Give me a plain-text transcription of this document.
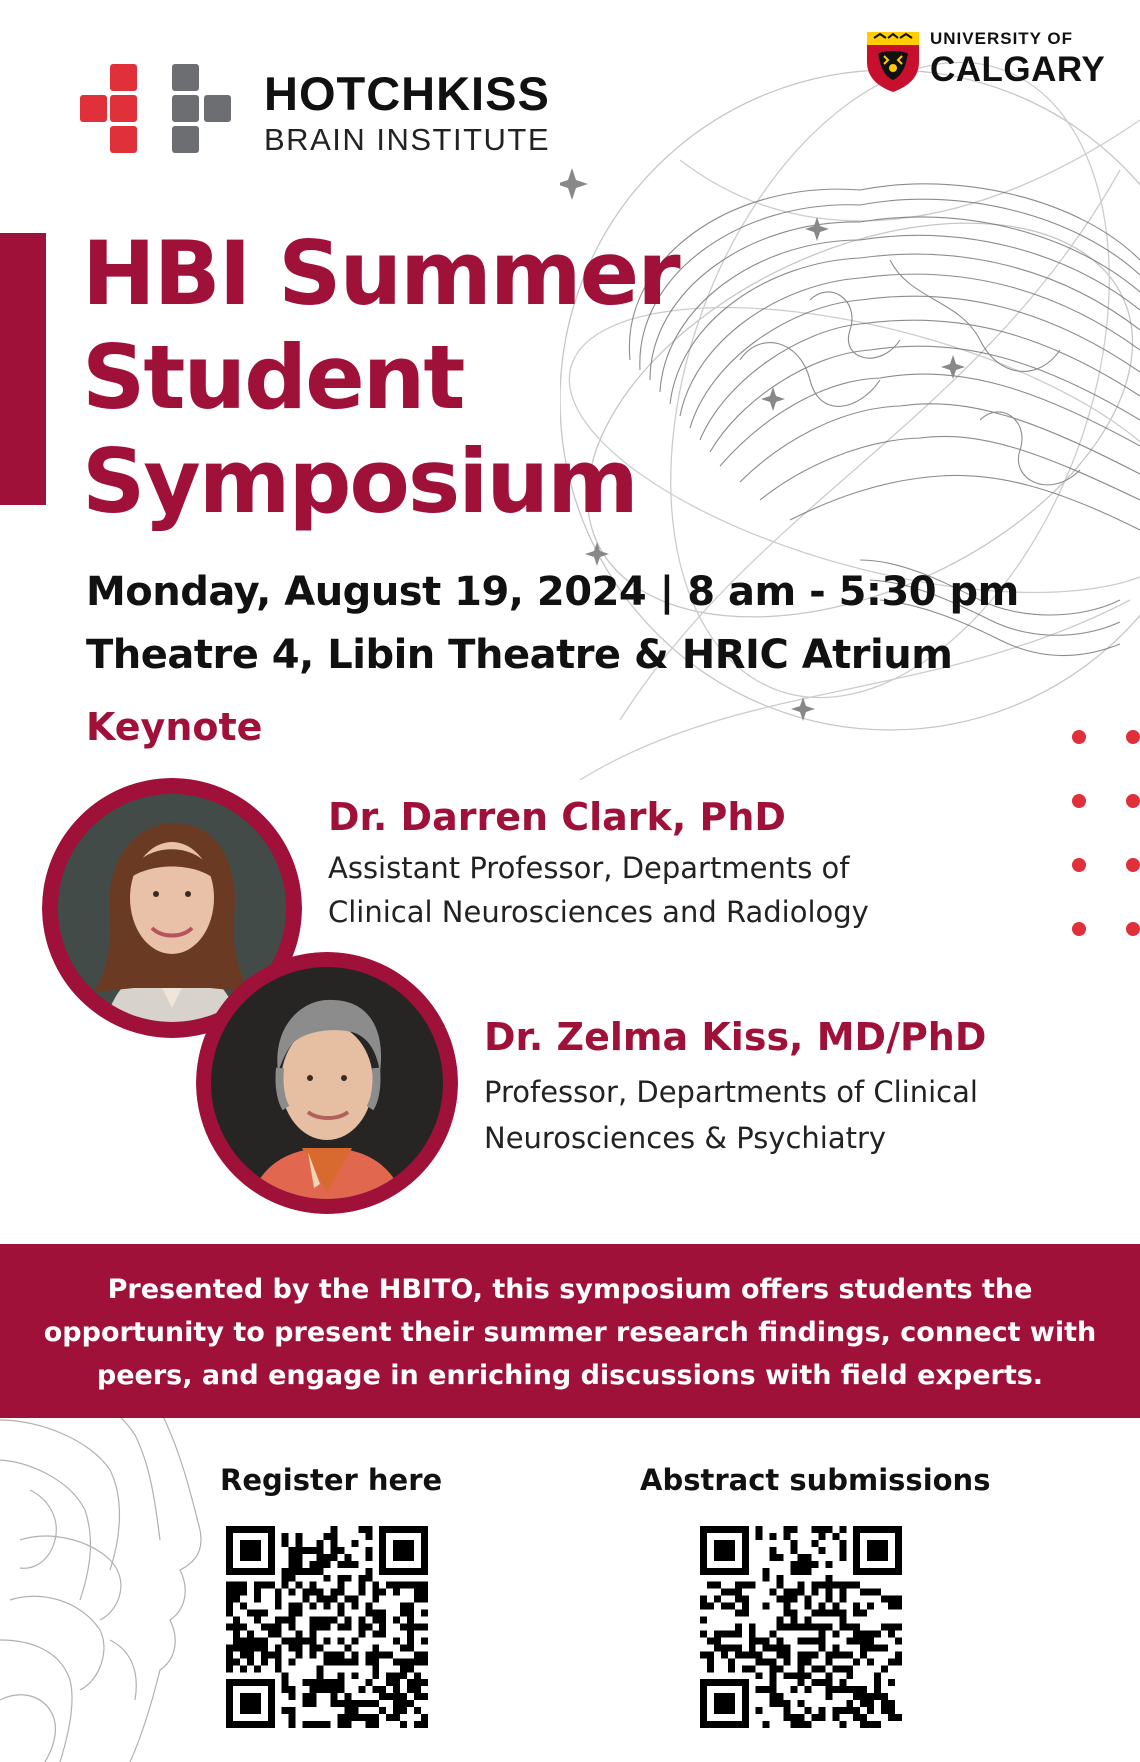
HOTCHKISS
BRAIN INSTITUTE
UNIVERSITY OF
CALGARY
HBI Summer
Student
Symposium
Monday, August 19, 2024 | 8 am - 5:30 pm
Theatre 4, Libin Theatre & HRIC Atrium
Keynote
Dr. Darren Clark, PhD
Assistant Professor, Departments of
Clinical Neurosciences and Radiology
Dr. Zelma Kiss, MD/PhD
Professor, Departments of Clinical
Neurosciences & Psychiatry
Presented by the HBITO, this symposium offers students the
opportunity to present their summer research findings, connect with
peers, and engage in enriching discussions with field experts.
Register here	Abstract submissions
